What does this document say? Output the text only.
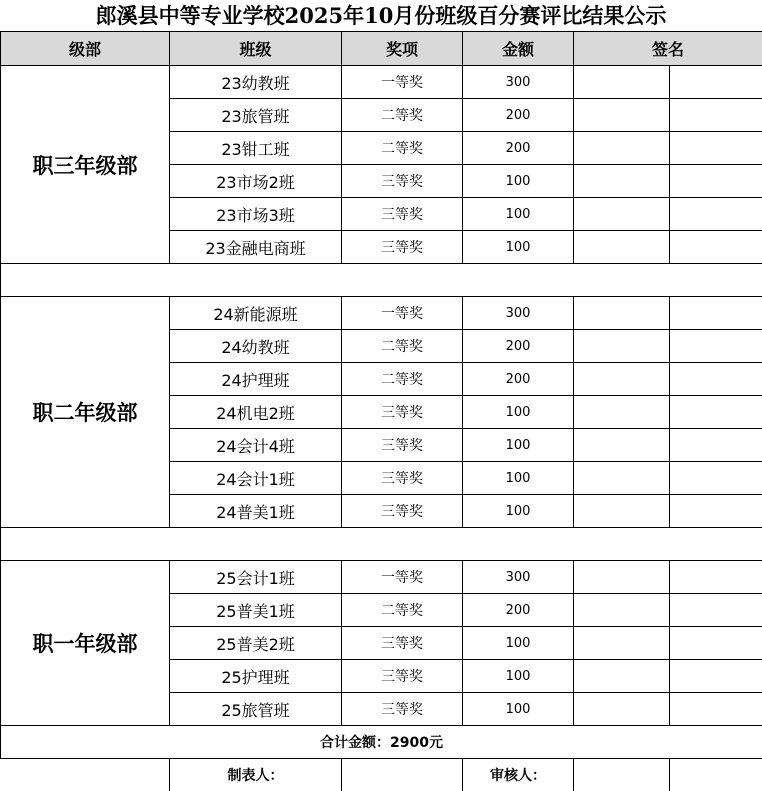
郎溪县中等专业学校2025年10月份班级百分赛评比结果公示
级部	班级	奖项	金额	签名	
职三年级部	23幼教班	一等奖	300		
	23旅管班	二等奖	200		
	23钳工班	二等奖	200		
	23市场2班	三等奖	100		
	23市场3班	三等奖	100		
	23金融电商班	三等奖	100		

职二年级部	24新能源班	一等奖	300		
	24幼教班	二等奖	200		
	24护理班	二等奖	200		
	24机电2班	三等奖	100		
	24会计4班	三等奖	100		
	24会计1班	三等奖	100		
	24普美1班	三等奖	100		

职一年级部	25会计1班	一等奖	300		
	25普美1班	二等奖	200		
	25普美2班	三等奖	100		
	25护理班	三等奖	100		
	25旅管班	三等奖	100		
合计金额：2900元					
	制表人：		审核人：		
